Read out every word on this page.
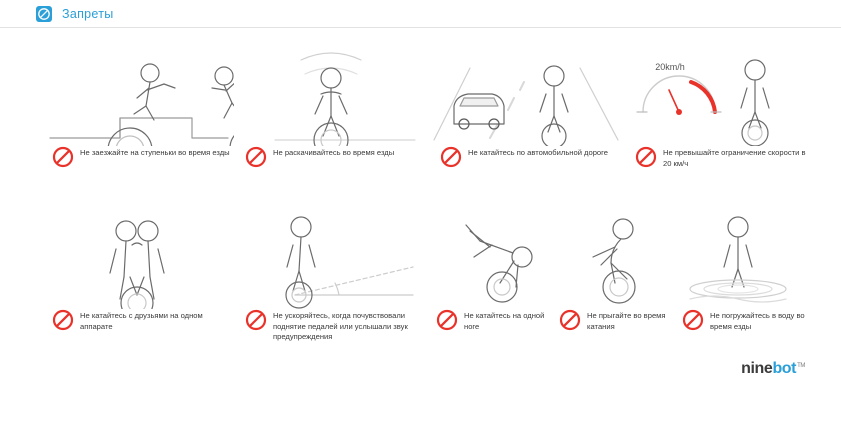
Запреты
Не заезжайте на ступеньки во время езды	Не раскачивайтесь во время езды	Не катайтесь по автомобильной дороге
20km/h
Не превышайте ограничение скорости в 20 км/ч
Не катайтесь с друзьями на одном аппарате
Не ускоряйтесь, когда почувствовали поднятие педалей или услышали звук предупреждения
Не катайтесь на одной ноге
Не прыгайте во время катания
Не погружайтесь в воду во время езды
nine bot TM
